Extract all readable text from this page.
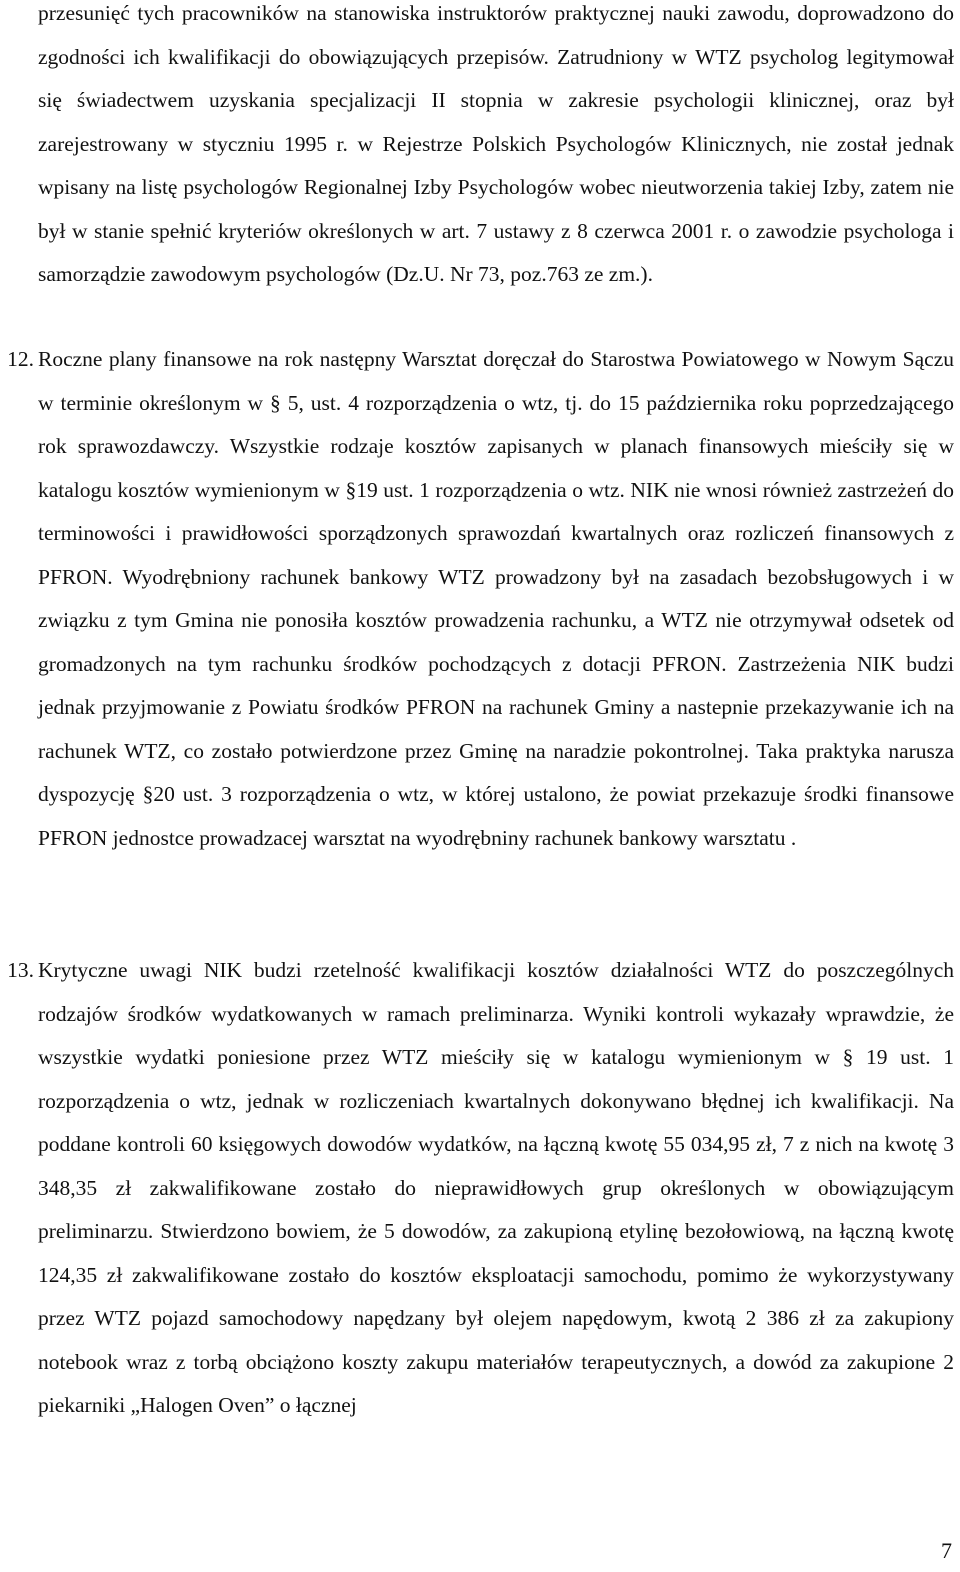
przesunięć tych pracowników na stanowiska instruktorów praktycznej nauki zawodu, doprowadzono do zgodności ich kwalifikacji do obowiązujących przepisów. Zatrudniony w WTZ psycholog legitymował się świadectwem uzyskania specjalizacji II stopnia w zakresie psychologii klinicznej, oraz był zarejestrowany w styczniu 1995 r. w Rejestrze Polskich Psychologów Klinicznych, nie został jednak wpisany na listę psychologów Regionalnej Izby Psychologów wobec nieutworzenia takiej Izby, zatem nie był w stanie spełnić kryteriów określonych w art. 7 ustawy z 8 czerwca 2001 r. o zawodzie psychologa i samorządzie zawodowym psychologów (Dz.U. Nr 73, poz.763 ze zm.).

12. Roczne plany finansowe na rok następny Warsztat doręczał do Starostwa Powiatowego w Nowym Sączu w terminie określonym w § 5, ust. 4 rozporządzenia o wtz, tj. do 15 października roku poprzedzającego rok sprawozdawczy. Wszystkie rodzaje kosztów zapisanych w planach finansowych mieściły się w katalogu kosztów wymienionym w §19 ust. 1 rozporządzenia o wtz. NIK nie wnosi również zastrzeżeń do terminowości i prawidłowości sporządzonych sprawozdań kwartalnych oraz rozliczeń finansowych z PFRON. Wyodrębniony rachunek bankowy WTZ prowadzony był na zasadach bezobsługowych i w związku z tym Gmina nie ponosiła kosztów prowadzenia rachunku, a WTZ nie otrzymywał odsetek od gromadzonych na tym rachunku środków pochodzących z dotacji PFRON. Zastrzeżenia NIK budzi jednak przyjmowanie z Powiatu środków PFRON na rachunek Gminy a nastepnie przekazywanie ich na rachunek WTZ, co zostało potwierdzone przez Gminę na naradzie pokontrolnej. Taka praktyka narusza dyspozycję §20 ust. 3 rozporządzenia o wtz, w której ustalono, że powiat przekazuje środki finansowe PFRON jednostce prowadzacej warsztat na wyodrębniny rachunek bankowy warsztatu .

13. Krytyczne uwagi NIK budzi rzetelność kwalifikacji kosztów działalności WTZ do poszczególnych rodzajów środków wydatkowanych w ramach preliminarza. Wyniki kontroli wykazały wprawdzie, że wszystkie wydatki poniesione przez WTZ mieściły się w katalogu wymienionym w § 19 ust. 1 rozporządzenia o wtz, jednak w rozliczeniach kwartalnych dokonywano błędnej ich kwalifikacji. Na poddane kontroli 60 księgowych dowodów wydatków, na łączną kwotę 55 034,95 zł, 7 z nich na kwotę 3 348,35 zł zakwalifikowane zostało do nieprawidłowych grup określonych w obowiązującym preliminarzu. Stwierdzono bowiem, że 5 dowodów, za zakupioną etylinę bezołowiową, na łączną kwotę 124,35 zł zakwalifikowane zostało do kosztów eksploatacji samochodu, pomimo że wykorzystywany przez WTZ pojazd samochodowy napędzany był olejem napędowym, kwotą 2 386 zł za zakupiony notebook wraz z torbą obciążono koszty zakupu materiałów terapeutycznych, a dowód za zakupione 2 piekarniki „Halogen Oven” o łącznej

7
